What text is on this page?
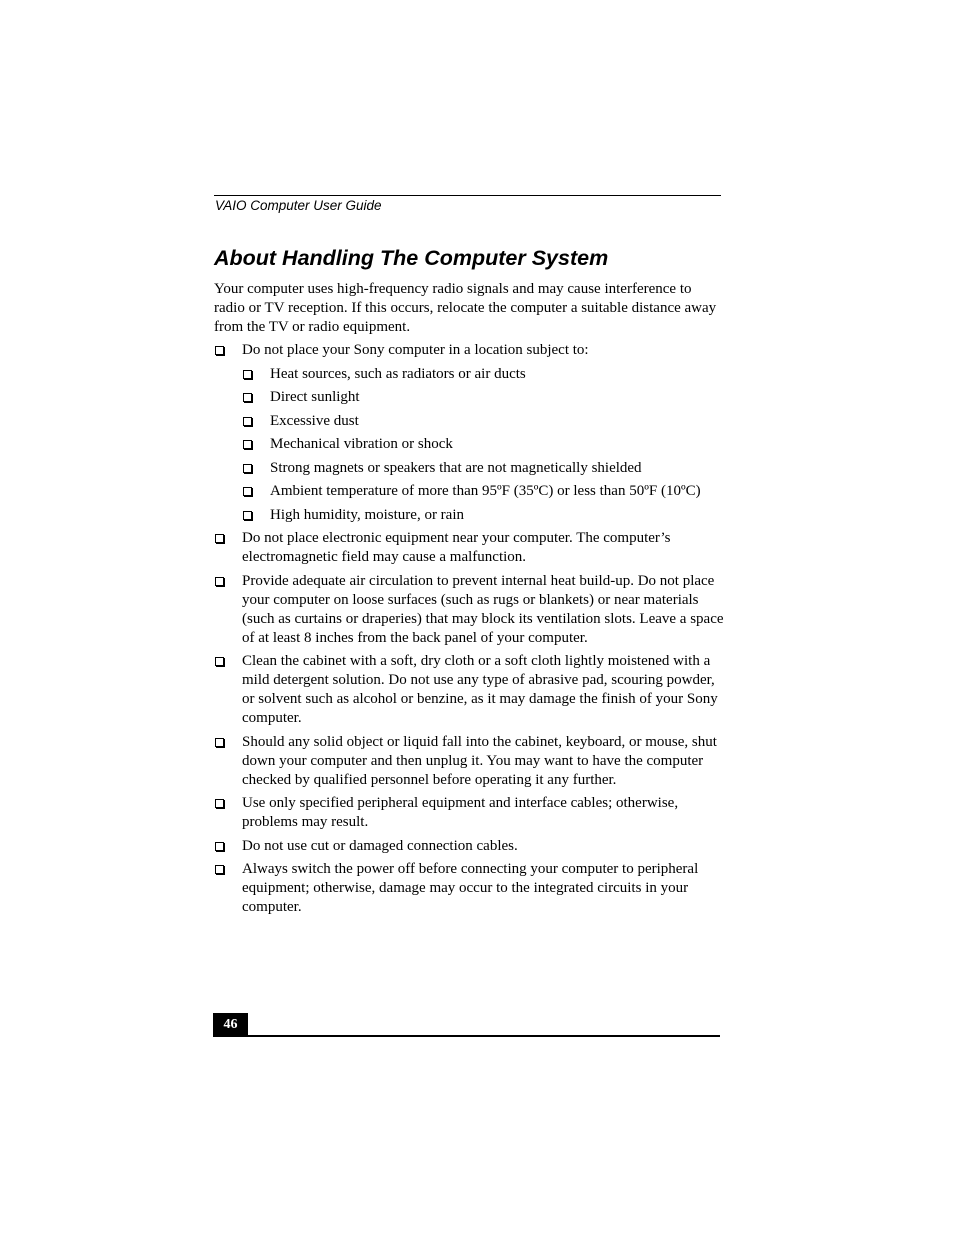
VAIO Computer User Guide
About Handling The Computer System

Your computer uses high-frequency radio signals and may cause interference to radio or TV reception. If this occurs, relocate the computer a suitable distance away from the TV or radio equipment.

Do not place your Sony computer in a location subject to:
Heat sources, such as radiators or air ducts
Direct sunlight
Excessive dust
Mechanical vibration or shock
Strong magnets or speakers that are not magnetically shielded
Ambient temperature of more than 95ºF (35ºC) or less than 50ºF (10ºC)
High humidity, moisture, or rain
Do not place electronic equipment near your computer. The computer’s electromagnetic field may cause a malfunction.
Provide adequate air circulation to prevent internal heat build-up. Do not place your computer on loose surfaces (such as rugs or blankets) or near materials (such as curtains or draperies) that may block its ventilation slots. Leave a space of at least 8 inches from the back panel of your computer.
Clean the cabinet with a soft, dry cloth or a soft cloth lightly moistened with a mild detergent solution. Do not use any type of abrasive pad, scouring powder, or solvent such as alcohol or benzine, as it may damage the finish of your Sony computer.
Should any solid object or liquid fall into the cabinet, keyboard, or mouse, shut down your computer and then unplug it. You may want to have the computer checked by qualified personnel before operating it any further.
Use only specified peripheral equipment and interface cables; otherwise, problems may result.
Do not use cut or damaged connection cables.
Always switch the power off before connecting your computer to peripheral equipment; otherwise, damage may occur to the integrated circuits in your computer.
46
